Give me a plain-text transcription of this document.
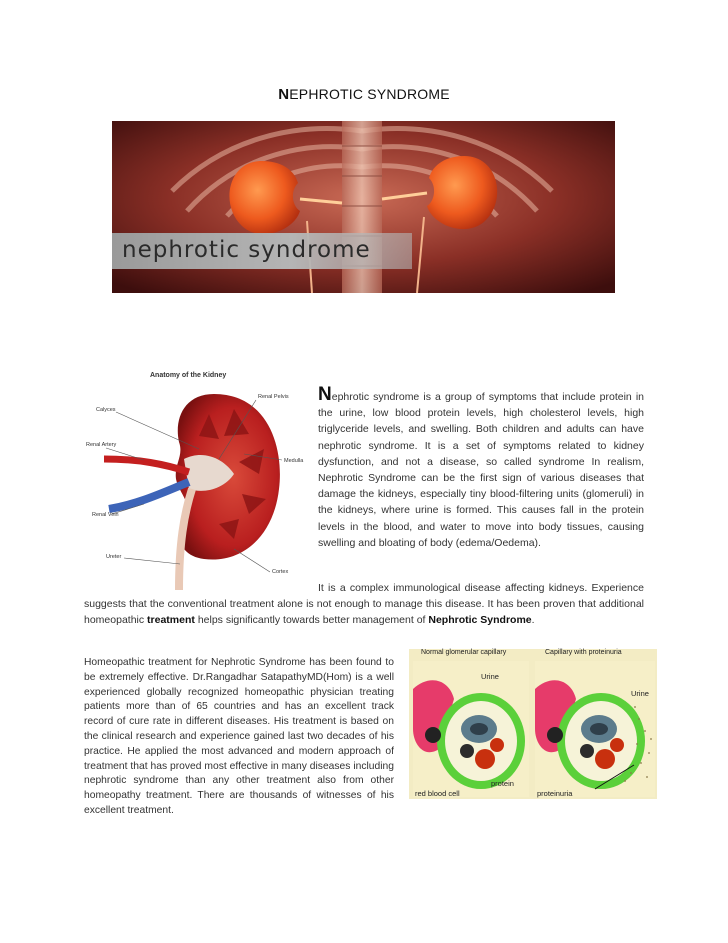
NEPHROTIC SYNDROME
nephrotic syndrome
Anatomy of the Kidney
Calyces
Renal Pelvis
Renal Artery
Medulla
Renal Vein
Ureter
Cortex
Nephrotic syndrome is a group of symptoms that include protein in the urine, low blood protein levels, high cholesterol levels, high triglyceride levels, and swelling. Both children and adults can have nephrotic syndrome. It is a set of symptoms related to kidney dysfunction, and not a disease, so called syndrome In realism, Nephrotic Syndrome can be the first sign of various diseases that damage the kidneys, especially tiny blood-filtering units (glomeruli) in the kidneys, where urine is formed. This causes fall in the protein levels in the blood, and water to move into body tissues, causing swelling and bloating of body (edema/Oedema).
It is a complex immunological disease affecting kidneys. Experience suggests that the conventional treatment alone is not enough to manage this disease. It has been proven that additional homeopathic treatment helps significantly towards better management of Nephrotic Syndrome.
Homeopathic treatment for Nephrotic Syndrome has been found to be extremely effective. Dr.Rangadhar SatapathyMD(Hom) is a well experienced globally recognized homeopathic physician treating patients more than of 65 countries and has an excellent track record of cure rate in different diseases. His treatment is based on the clinical research and experience gained last two decades of his practice. He applied the most advanced and modern approach of treatment that has proved most effective in many diseases including nephrotic syndrome than any other treatment also from other homeopathy treatment. There are thousands of witnesses of his excellent treatment.
Normal glomerular capillary	Capillary with proteinuria
Urine
Urine
protein
red blood cell	proteinuria
